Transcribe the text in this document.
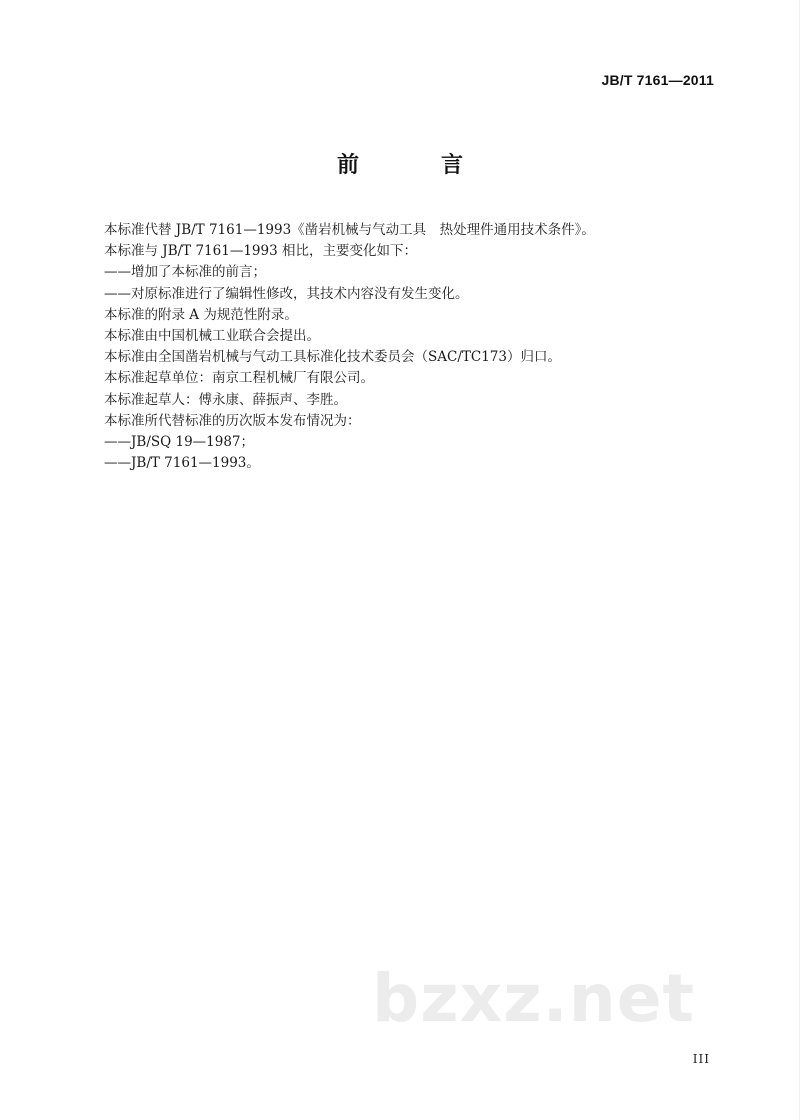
JB/T 7161—2011
前　言
本标准代替 JB/T 7161—1993《凿岩机械与气动工具　热处理件通用技术条件》。
本标准与 JB/T 7161—1993 相比，主要变化如下：
——增加了本标准的前言；
——对原标准进行了编辑性修改，其技术内容没有发生变化。
本标准的附录 A 为规范性附录。
本标准由中国机械工业联合会提出。
本标准由全国凿岩机械与气动工具标准化技术委员会（SAC/TC173）归口。
本标准起草单位：南京工程机械厂有限公司。
本标准起草人：傅永康、薛振声、李胜。
本标准所代替标准的历次版本发布情况为：
——JB/SQ 19—1987；
——JB/T 7161—1993。
bzxz.net
III
